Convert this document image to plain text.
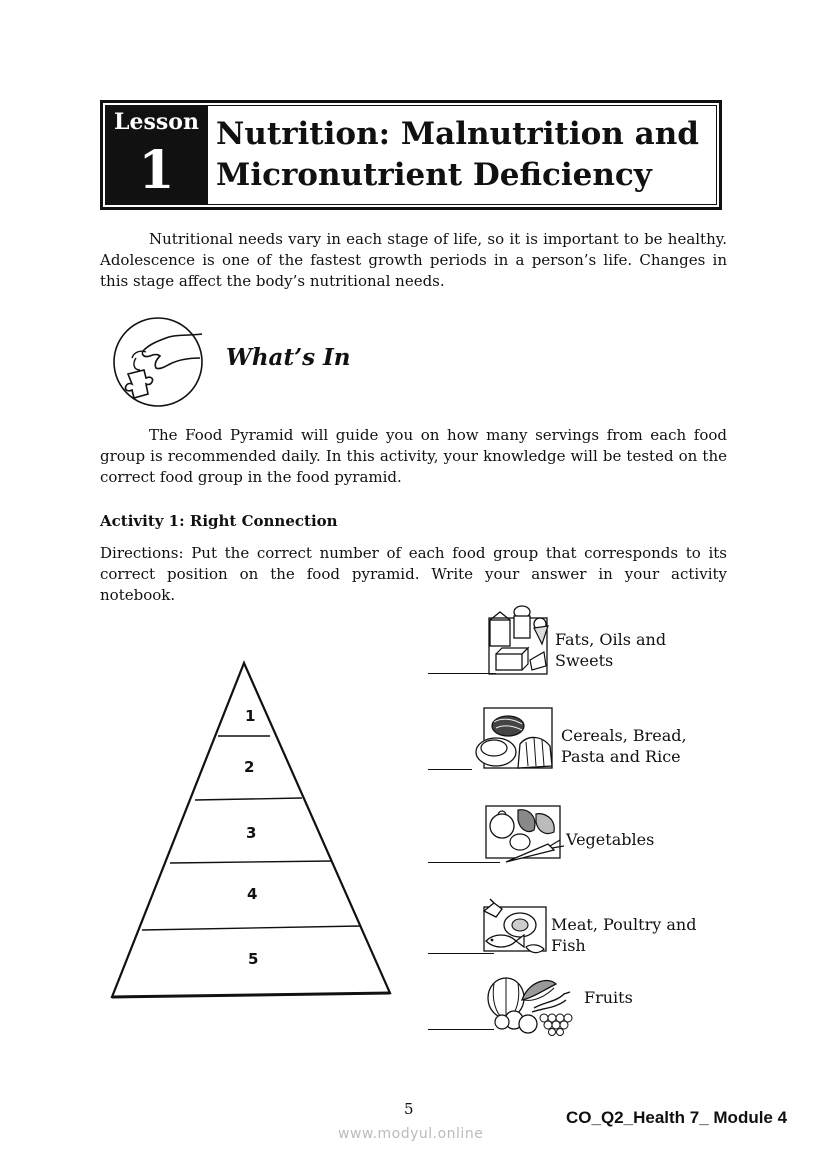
Lesson
1
Nutrition: Malnutrition and
Micronutrient Deficiency
Nutritional needs vary in each stage of life, so it is important to be healthy. Adolescence is one of the fastest growth periods in a person’s life. Changes in this stage affect the body’s nutritional needs.
What’s In
The Food Pyramid will guide you on how many servings from each food group is recommended daily. In this activity, your knowledge will be tested on the correct food group in the food pyramid.
Activity 1: Right Connection
Directions: Put the correct number of each food group that corresponds to its correct position on the food pyramid. Write your answer in your activity notebook.
1
2
3
4
5
Fats, Oils and
Sweets
Cereals, Bread,
Pasta and Rice
Vegetables
Meat, Poultry and
Fish
Fruits
5	CO_Q2_Health 7_ Module 4
www.modyul.online
